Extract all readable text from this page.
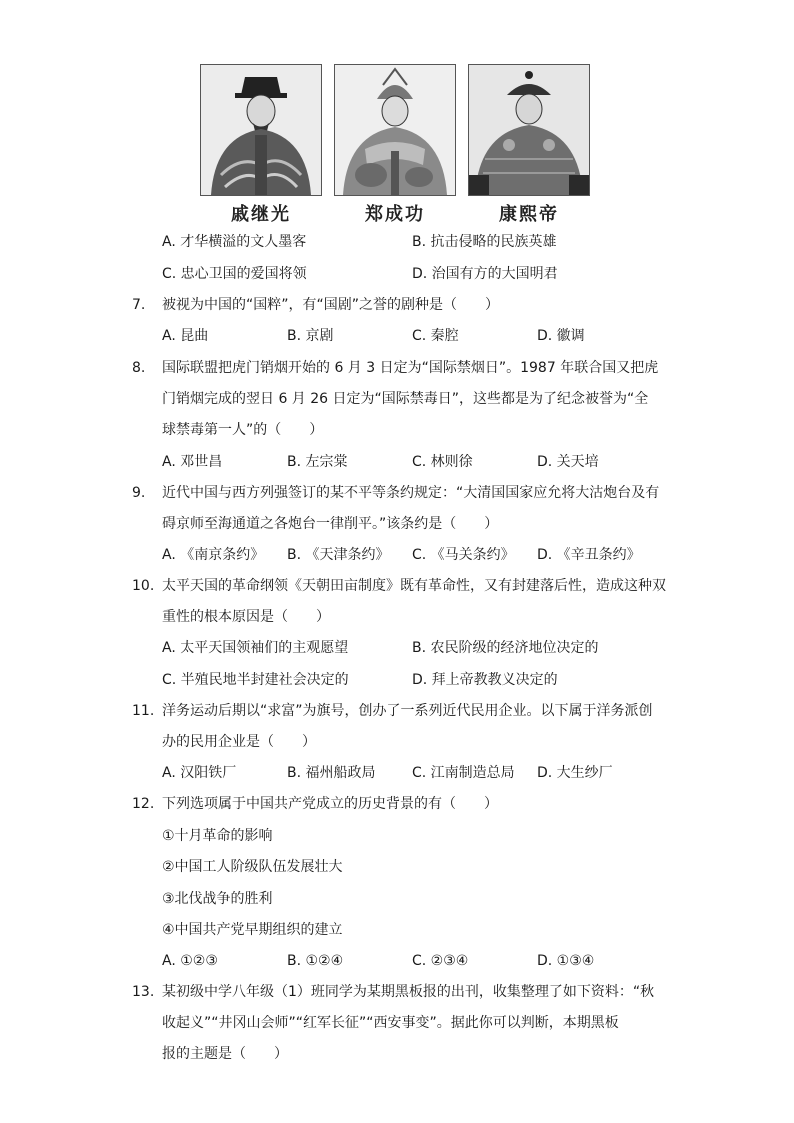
戚继光	郑成功	康熙帝
A. 才华横溢的文人墨客	B. 抗击侵略的民族英雄
C. 忠心卫国的爱国将领	D. 治国有方的大国明君
7. 被视为中国的“国粹”，有“国剧”之誉的剧种是（　　）
A. 昆曲	B. 京剧	C. 秦腔	D. 徽调
8. 国际联盟把虎门销烟开始的 6 月 3 日定为“国际禁烟日”。1987 年联合国又把虎
门销烟完成的翌日 6 月 26 日定为“国际禁毒日”，这些都是为了纪念被誉为“全
球禁毒第一人”的（　　）
A. 邓世昌	B. 左宗棠	C. 林则徐	D. 关天培
9. 近代中国与西方列强签订的某不平等条约规定：“大清国国家应允将大沽炮台及有
碍京师至海通道之各炮台一律削平。”该条约是（　　）
A. 《南京条约》 B. 《天津条约》 C. 《马关条约》 D. 《辛丑条约》
10. 太平天国的革命纲领《天朝田亩制度》既有革命性，又有封建落后性，造成这种双
重性的根本原因是（　　）
A. 太平天国领袖们的主观愿望	B. 农民阶级的经济地位决定的
C. 半殖民地半封建社会决定的	D. 拜上帝教教义决定的
11. 洋务运动后期以“求富”为旗号，创办了一系列近代民用企业。以下属于洋务派创
办的民用企业是（　　）
A. 汉阳铁厂	B. 福州船政局	C. 江南制造总局 D. 大生纱厂
12. 下列选项属于中国共产党成立的历史背景的有（　　）
①十月革命的影响
②中国工人阶级队伍发展壮大
③北伐战争的胜利
④中国共产党早期组织的建立
A. ①②③	B. ①②④	C. ②③④	D. ①③④
13. 某初级中学八年级（1）班同学为某期黑板报的出刊，收集整理了如下资料：“秋
收起义”“井冈山会师”“红军长征”“西安事变”。据此你可以判断，本期黑板
报的主题是（　　）
